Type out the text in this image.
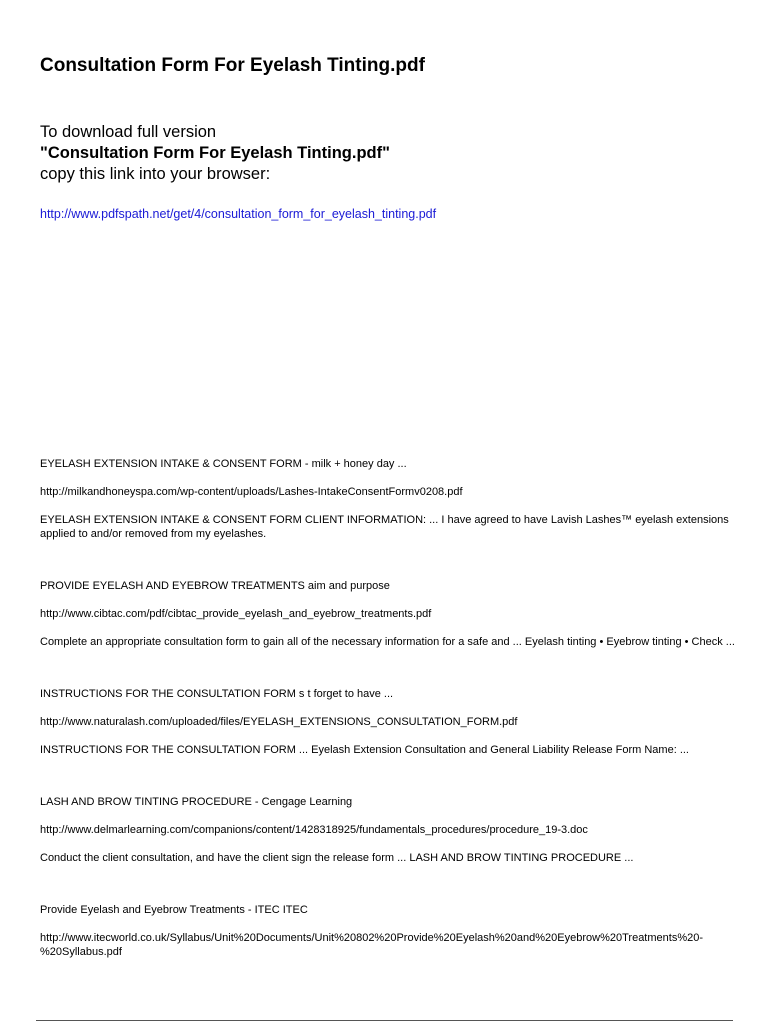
Consultation Form For Eyelash Tinting.pdf
To download full version
"Consultation Form For Eyelash Tinting.pdf"
copy this link into your browser:
http://www.pdfspath.net/get/4/consultation_form_for_eyelash_tinting.pdf

EYELASH EXTENSION INTAKE & CONSENT FORM - milk + honey day ...

http://milkandhoneyspa.com/wp-content/uploads/Lashes-IntakeConsentFormv0208.pdf

EYELASH EXTENSION INTAKE & CONSENT FORM CLIENT INFORMATION: ... I have agreed to have Lavish Lashes™ eyelash extensions applied to and/or removed from my eyelashes.

PROVIDE EYELASH AND EYEBROW TREATMENTS aim and purpose

http://www.cibtac.com/pdf/cibtac_provide_eyelash_and_eyebrow_treatments.pdf

Complete an appropriate consultation form to gain all of the necessary information for a safe and ... Eyelash tinting • Eyebrow tinting • Check ...

INSTRUCTIONS FOR THE CONSULTATION FORM s t forget to have ...

http://www.naturalash.com/uploaded/files/EYELASH_EXTENSIONS_CONSULTATION_FORM.pdf

INSTRUCTIONS FOR THE CONSULTATION FORM ... Eyelash Extension Consultation and General Liability Release Form Name: ...

LASH AND BROW TINTING PROCEDURE - Cengage Learning

http://www.delmarlearning.com/companions/content/1428318925/fundamentals_procedures/procedure_19-3.doc

Conduct the client consultation, and have the client sign the release form ... LASH AND BROW TINTING PROCEDURE ...

Provide Eyelash and Eyebrow Treatments - ITEC ITEC

http://www.itecworld.co.uk/Syllabus/Unit%20Documents/Unit%20802%20Provide%20Eyelash%20and%20Eyebrow%20Treatments%20-%20Syllabus.pdf
